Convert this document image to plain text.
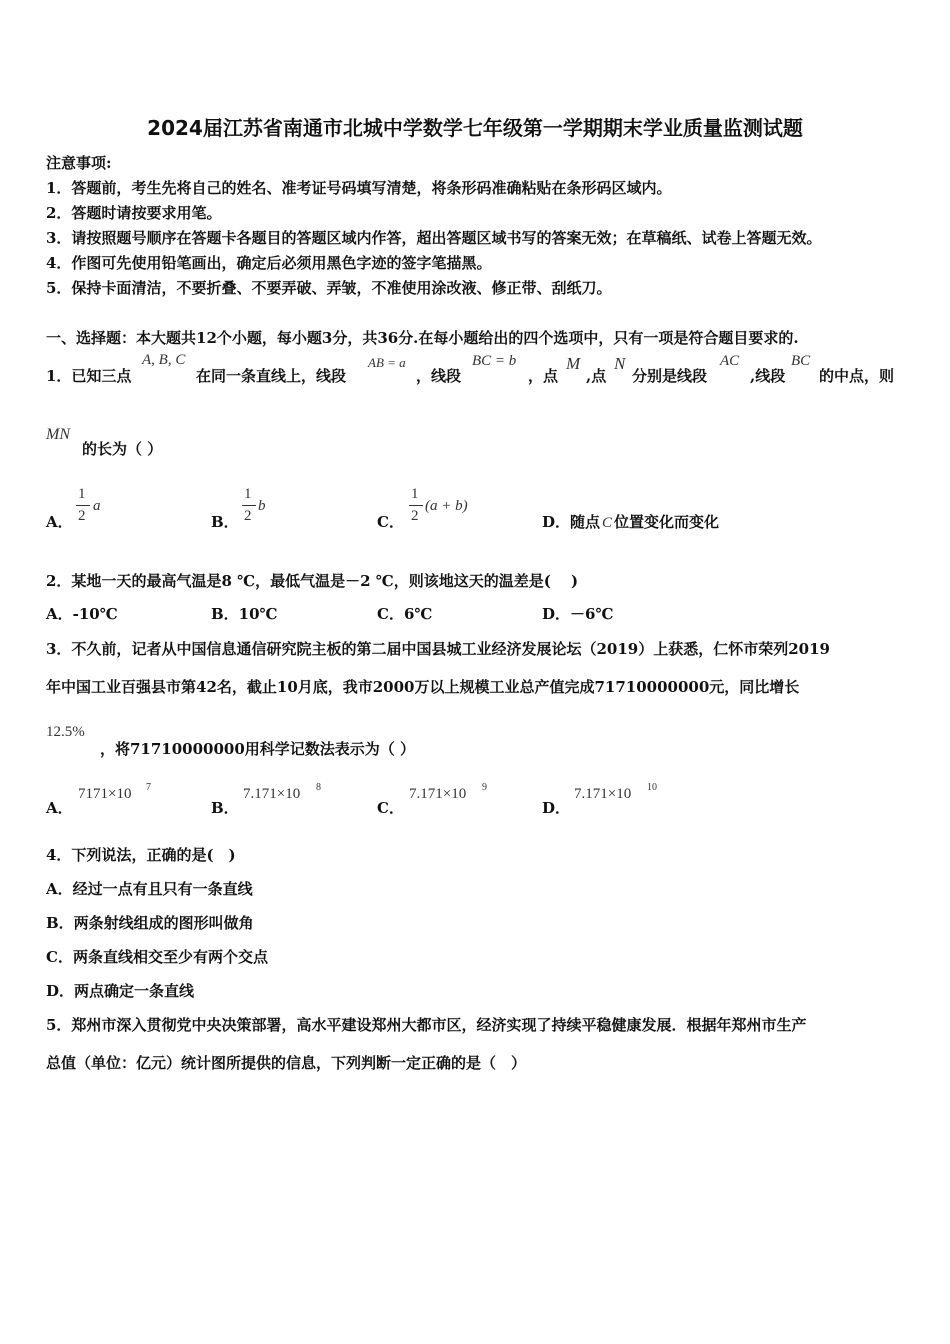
2024届江苏省南通市北城中学数学七年级第一学期期末学业质量监测试题
注意事项:
1．答题前，考生先将自己的姓名、准考证号码填写清楚，将条形码准确粘贴在条形码区域内。
2．答题时请按要求用笔。
3．请按照题号顺序在答题卡各题目的答题区域内作答，超出答题区域书写的答案无效；在草稿纸、试卷上答题无效。
4．作图可先使用铅笔画出，确定后必须用黑色字迹的签字笔描黑。
5．保持卡面清洁，不要折叠、不要弄破、弄皱，不准使用涂改液、修正带、刮纸刀。
一、选择题：本大题共12个小题，每小题3分，共36分.在每小题给出的四个选项中，只有一项是符合题目要求的.
1．已知三点
A, B, C
在同一条直线上，线段
AB = a
，线段
BC = b
，点
M
,点
N
分别是线段
AC
,线段
BC
的中点，则
MN
的长为（ ）
A．
1
2
a
B．
1
2
b
C．
1
2
(a + b)
D．随点 C 位置变化而变化
2．某地一天的最高气温是8 ℃，最低气温是－2 ℃，则该地这天的温差是(　 )
A．-10℃	B．10℃	C．6℃	D．－6℃
3．不久前，记者从中国信息通信研究院主板的第二届中国县城工业经济发展论坛（2019）上获悉，仁怀市荣列2019
年中国工业百强县市第42名，截止10月底，我市2000万以上规模工业总产值完成71710000000元，同比增长
12.5%
，将71710000000用科学记数法表示为（ ）
A．
7171×10 7
B．
7.171×10 8
C．
7.171×10 9
D．
7.171×10 10
4．下列说法，正确的是(　)
A．经过一点有且只有一条直线
B．两条射线组成的图形叫做角
C．两条直线相交至少有两个交点
D．两点确定一条直线
5．郑州市深入贯彻党中央决策部署，高水平建设郑州大都市区，经济实现了持续平稳健康发展．根据年郑州市生产
总值（单位：亿元）统计图所提供的信息，下列判断一定正确的是（　）
